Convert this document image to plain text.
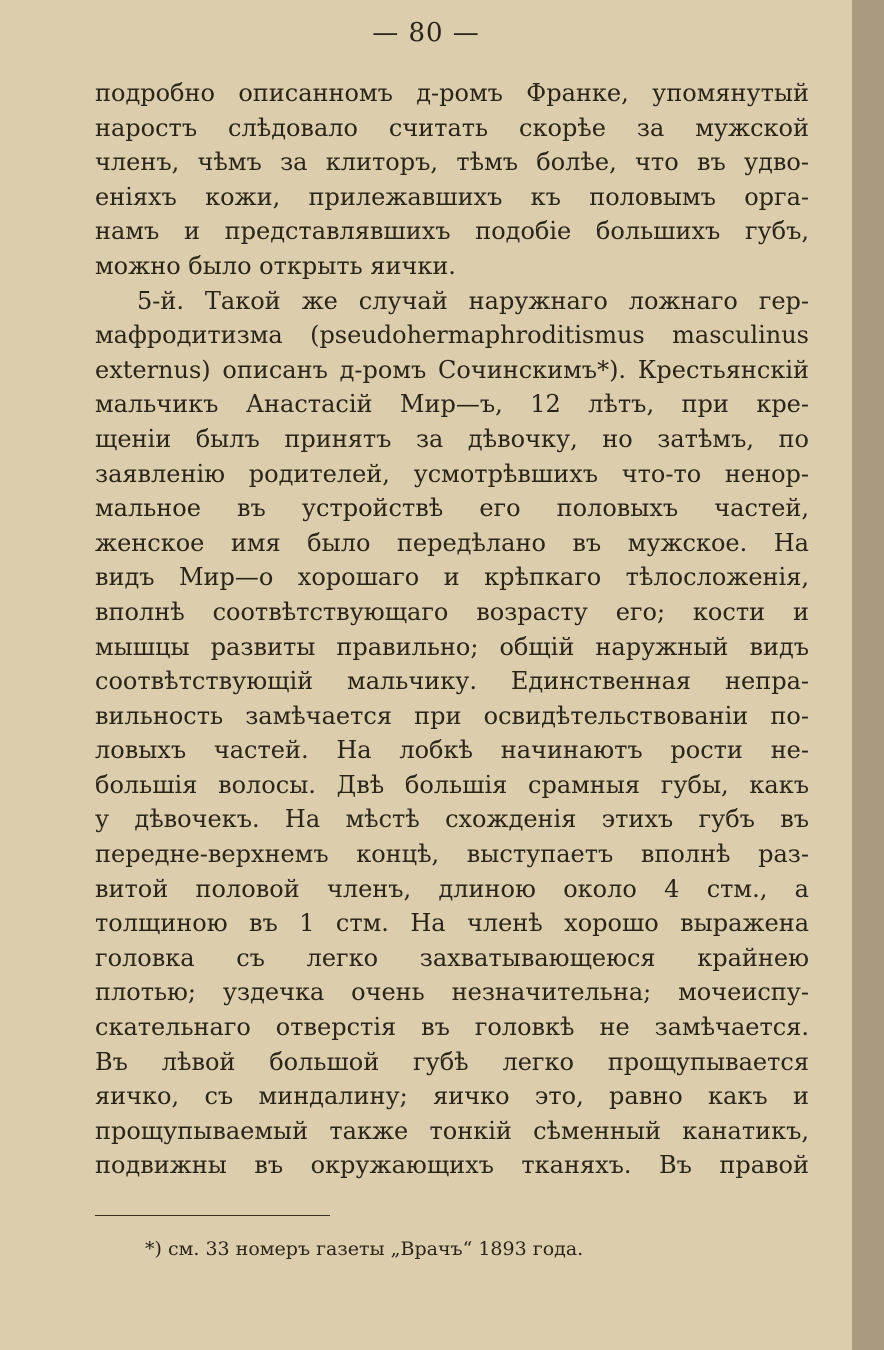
— 80 —
подробно описанномъ д-ромъ Франке, упомянутый
наростъ слѣдовало считать скорѣе за мужской
членъ, чѣмъ за клиторъ, тѣмъ болѣе, что въ удво-
еніяхъ кожи, прилежавшихъ къ половымъ орга-
намъ и представлявшихъ подобіе большихъ губъ,
можно было открыть яички.
5-й. Такой же случай наружнаго ложнаго гер-
мафродитизма (pseudohermaphroditismus masculinus
externus) описанъ д-ромъ Сочинскимъ*). Крестьянскій
мальчикъ Анастасій Мир—ъ, 12 лѣтъ, при кре-
щеніи былъ принятъ за дѣвочку, но затѣмъ, по
заявленію родителей, усмотрѣвшихъ что-то ненор-
мальное въ устройствѣ его половыхъ частей,
женское имя было передѣлано въ мужское. На
видъ Мир—о хорошаго и крѣпкаго тѣлосложенія,
вполнѣ соотвѣтствующаго возрасту его; кости и
мышцы развиты правильно; общій наружный видъ
соотвѣтствующій мальчику. Единственная непра-
вильность замѣчается при освидѣтельствованіи по-
ловыхъ частей. На лобкѣ начинаютъ рости не-
большія волосы. Двѣ большія срамныя губы, какъ
у дѣвочекъ. На мѣстѣ схожденія этихъ губъ въ
передне-верхнемъ концѣ, выступаетъ вполнѣ раз-
витой половой членъ, длиною около 4 стм., а
толщиною въ 1 стм. На членѣ хорошо выражена
головка съ легко захватывающеюся крайнею
плотью; уздечка очень незначительна; мочеиспу-
скательнаго отверстія въ головкѣ не замѣчается.
Въ лѣвой большой губѣ легко прощупывается
яичко, съ миндалину; яичко это, равно какъ и
прощупываемый также тонкій сѣменный канатикъ,
подвижны въ окружающихъ тканяхъ. Въ правой
*) см. 33 номеръ газеты „Врачъ“ 1893 года.
